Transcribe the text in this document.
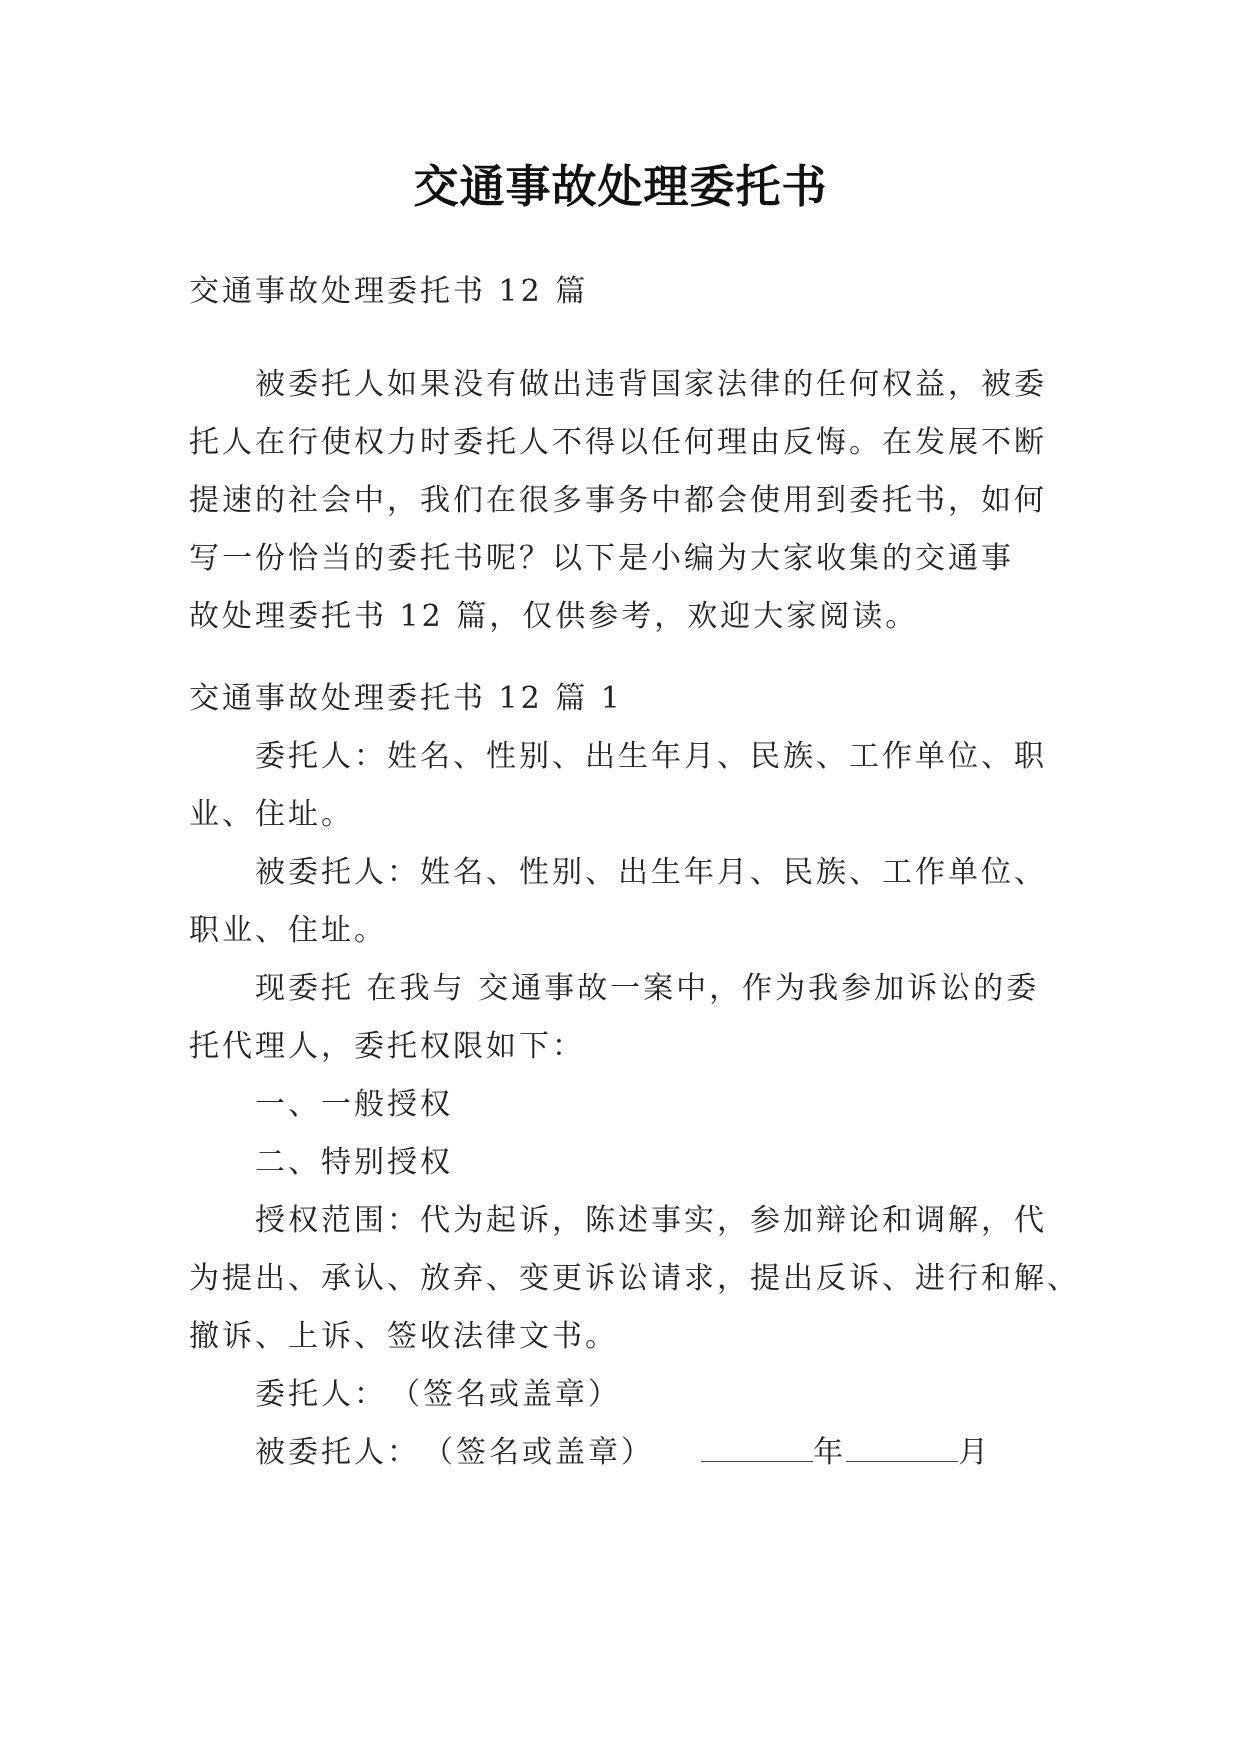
交通事故处理委托书
交通事故处理委托书 12 篇
被委托人如果没有做出违背国家法律的任何权益，被委
托人在行使权力时委托人不得以任何理由反悔。在发展不断
提速的社会中，我们在很多事务中都会使用到委托书，如何
写一份恰当的委托书呢？以下是小编为大家收集的交通事
故处理委托书 12 篇，仅供参考，欢迎大家阅读。
交通事故处理委托书 12 篇 1
委托人：姓名、性别、出生年月、民族、工作单位、职
业、住址。
被委托人：姓名、性别、出生年月、民族、工作单位、
职业、住址。
现委托 在我与 交通事故一案中，作为我参加诉讼的委
托代理人，委托权限如下：
一、一般授权
二、特别授权
授权范围：代为起诉，陈述事实，参加辩论和调解，代
为提出、承认、放弃、变更诉讼请求，提出反诉、进行和解、
撤诉、上诉、签收法律文书。
委托人：　（签名或盖章）
被委托人：　（签名或盖章）	年	月
